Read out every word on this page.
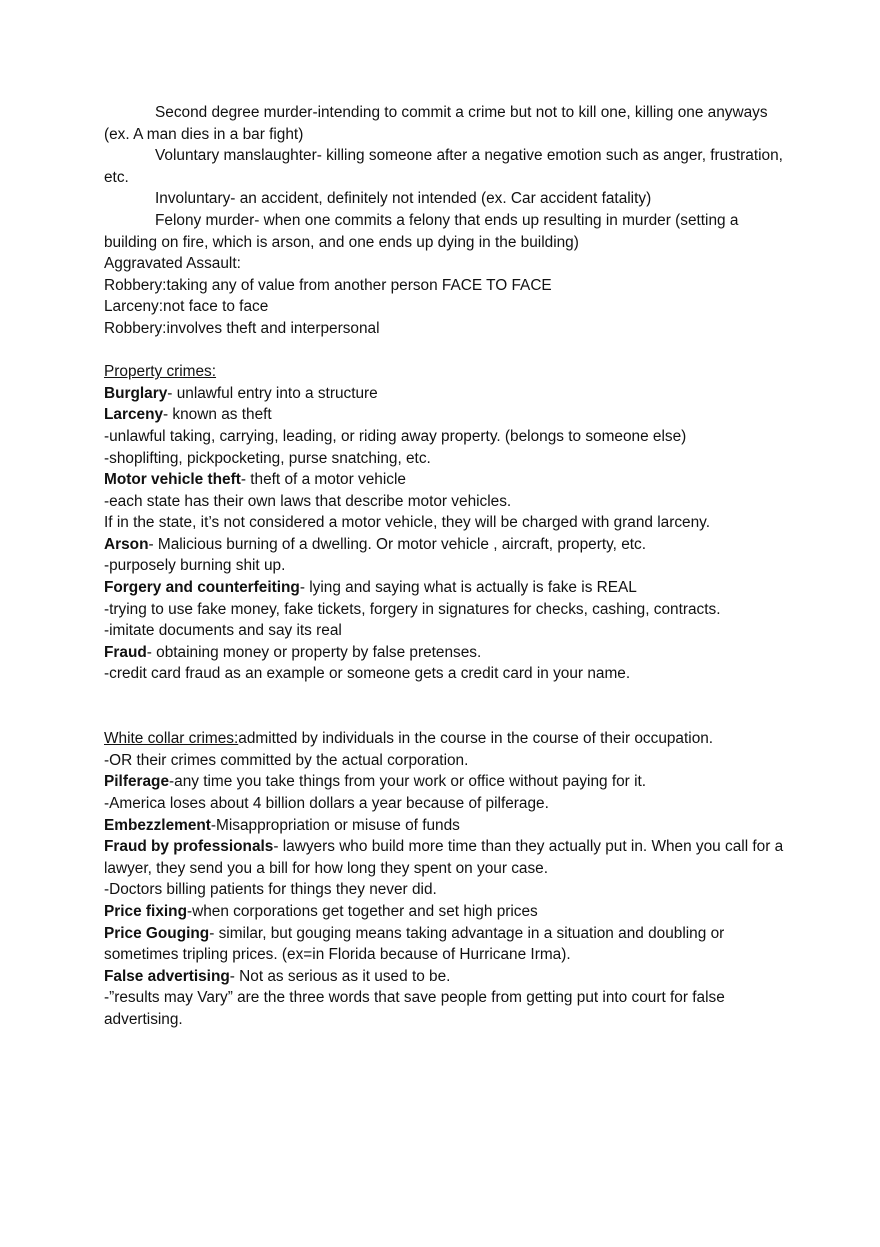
Second degree murder-intending to commit a crime but not to kill one, killing one anyways (ex. A man dies in a bar fight)

Voluntary manslaughter- killing someone after a negative emotion such as anger, frustration, etc.

Involuntary- an accident, definitely not intended (ex. Car accident fatality)

Felony murder- when one commits a felony that ends up resulting in murder (setting a building on fire, which is arson, and one ends up dying in the building)

Aggravated Assault:

Robbery:taking any of value from another person FACE TO FACE

Larceny:not face to face

Robbery:involves theft and interpersonal

Property crimes:

Burglary- unlawful entry into a structure

Larceny- known as theft

-unlawful taking, carrying, leading, or riding away property. (belongs to someone else)

-shoplifting, pickpocketing, purse snatching, etc.

Motor vehicle theft- theft of a motor vehicle

-each state has their own laws that describe motor vehicles.

If in the state, it’s not considered a motor vehicle, they will be charged with grand larceny.

Arson- Malicious burning of a dwelling. Or motor vehicle , aircraft, property, etc.

-purposely burning shit up.

Forgery and counterfeiting- lying and saying what is actually is fake is REAL

-trying to use fake money, fake tickets, forgery in signatures for checks, cashing, contracts.

-imitate documents and say its real

Fraud- obtaining money or property by false pretenses.

-credit card fraud as an example or someone gets a credit card in your name.

White collar crimes:admitted by individuals in the course in the course of their occupation.

-OR their crimes committed by the actual corporation.

Pilferage-any time you take things from your work or office without paying for it.

-America loses about 4 billion dollars a year because of pilferage.

Embezzlement-Misappropriation or misuse of funds

Fraud by professionals- lawyers who build more time than they actually put in. When you call for a lawyer, they send you a bill for how long they spent on your case.

-Doctors billing patients for things they never did.

Price fixing-when corporations get together and set high prices

Price Gouging- similar, but gouging means taking advantage in a situation and doubling or sometimes tripling prices. (ex=in Florida because of Hurricane Irma).

False advertising- Not as serious as it used to be.

-”results may Vary” are the three words that save people from getting put into court for false advertising.
